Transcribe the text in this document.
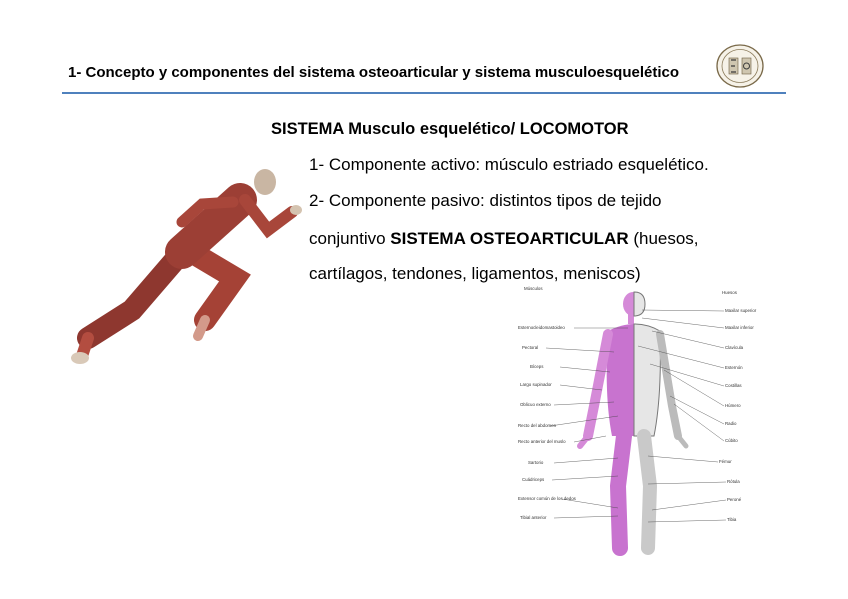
1- Concepto y componentes del sistema osteoarticular y sistema musculoesquelético
SISTEMA Musculo esquelético/ LOCOMOTOR
1- Componente activo: músculo estriado esquelético.
2- Componente pasivo: distintos tipos de tejido
conjuntivo SISTEMA OSTEOARTICULAR (huesos,
cartílagos, tendones, ligamentos, meniscos)
Músculos
Huesos
Esternocleidomastoideo
Pectoral
Bíceps
Largo supinador
Oblicuo externo
Recto del abdomen
Recto anterior del muslo
Sartorio
Cuádriceps
Extensor común de los dedos
Tibial anterior
Maxilar superior
Maxilar inferior
Clavícula
Esternón
Costillas
Húmero
Radio
Cúbito
Fémur
Rótula
Peroné
Tibia
